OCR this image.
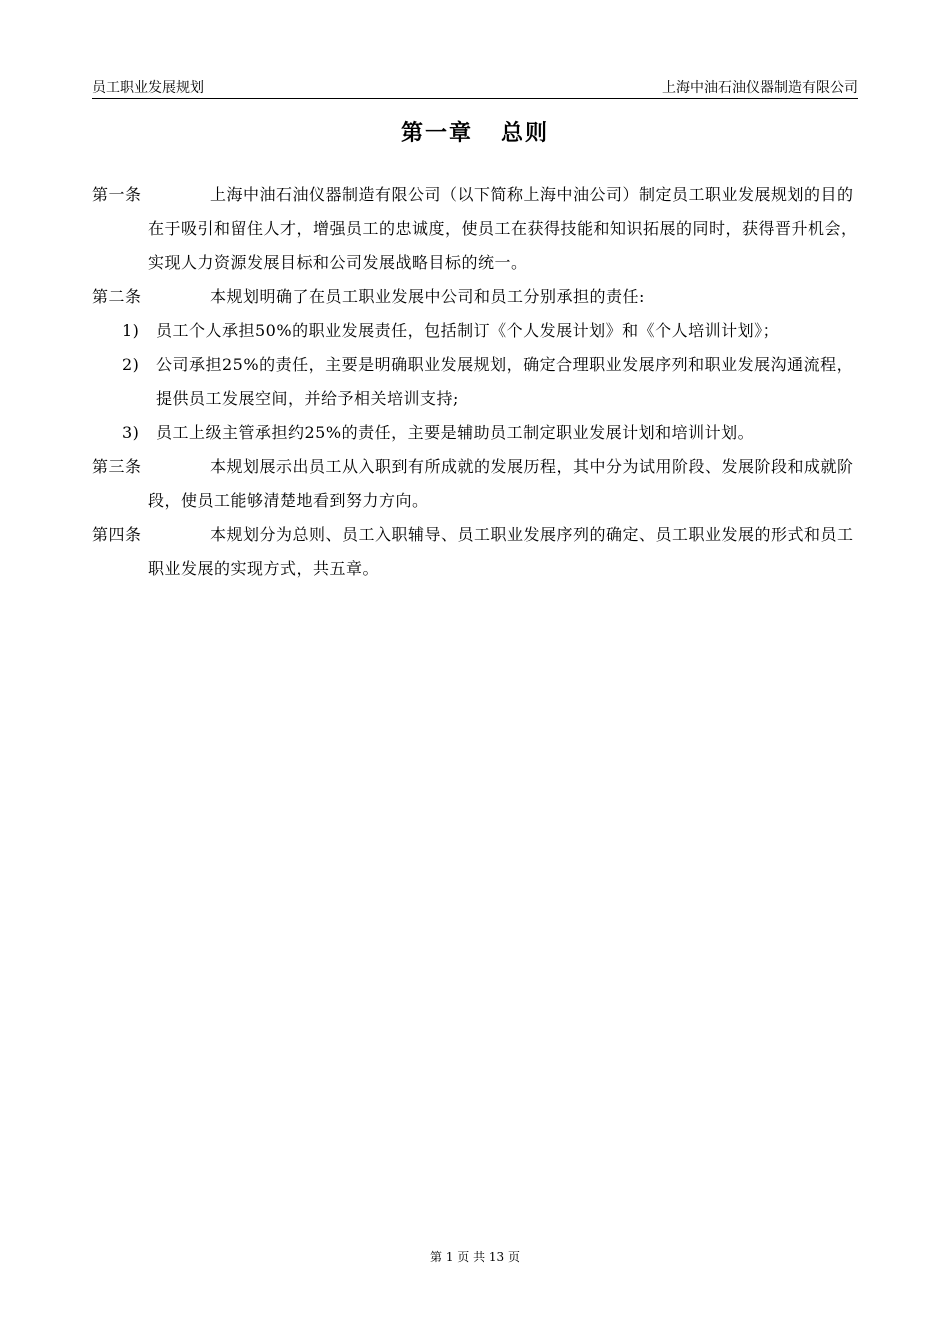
员工职业发展规划	上海中油石油仪器制造有限公司
第一章 总则
第一条	上海中油石油仪器制造有限公司（以下简称上海中油公司）制定员工职业发展规划的目的在于吸引和留住人才，增强员工的忠诚度，使员工在获得技能和知识拓展的同时，获得晋升机会，实现人力资源发展目标和公司发展战略目标的统一。
第二条	本规划明确了在员工职业发展中公司和员工分别承担的责任:
1) 员工个人承担50%的职业发展责任，包括制订《个人发展计划》和《个人培训计划》；
2) 公司承担25%的责任，主要是明确职业发展规划，确定合理职业发展序列和职业发展沟通流程，提供员工发展空间，并给予相关培训支持;
3) 员工上级主管承担约25%的责任，主要是辅助员工制定职业发展计划和培训计划。
第三条	本规划展示出员工从入职到有所成就的发展历程，其中分为试用阶段、发展阶段和成就阶段，使员工能够清楚地看到努力方向。
第四条	本规划分为总则、员工入职辅导、员工职业发展序列的确定、员工职业发展的形式和员工职业发展的实现方式，共五章。
第 1 页 共 13 页
